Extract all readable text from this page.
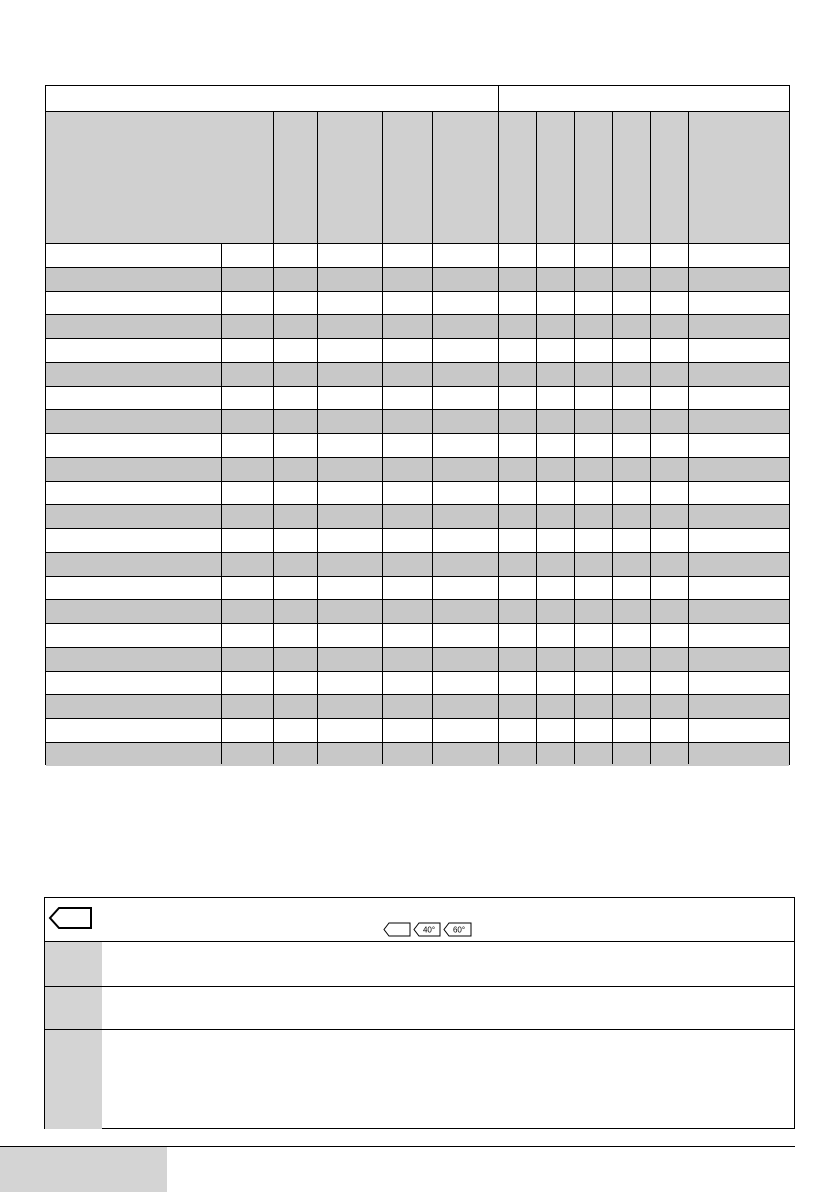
40° 60°
